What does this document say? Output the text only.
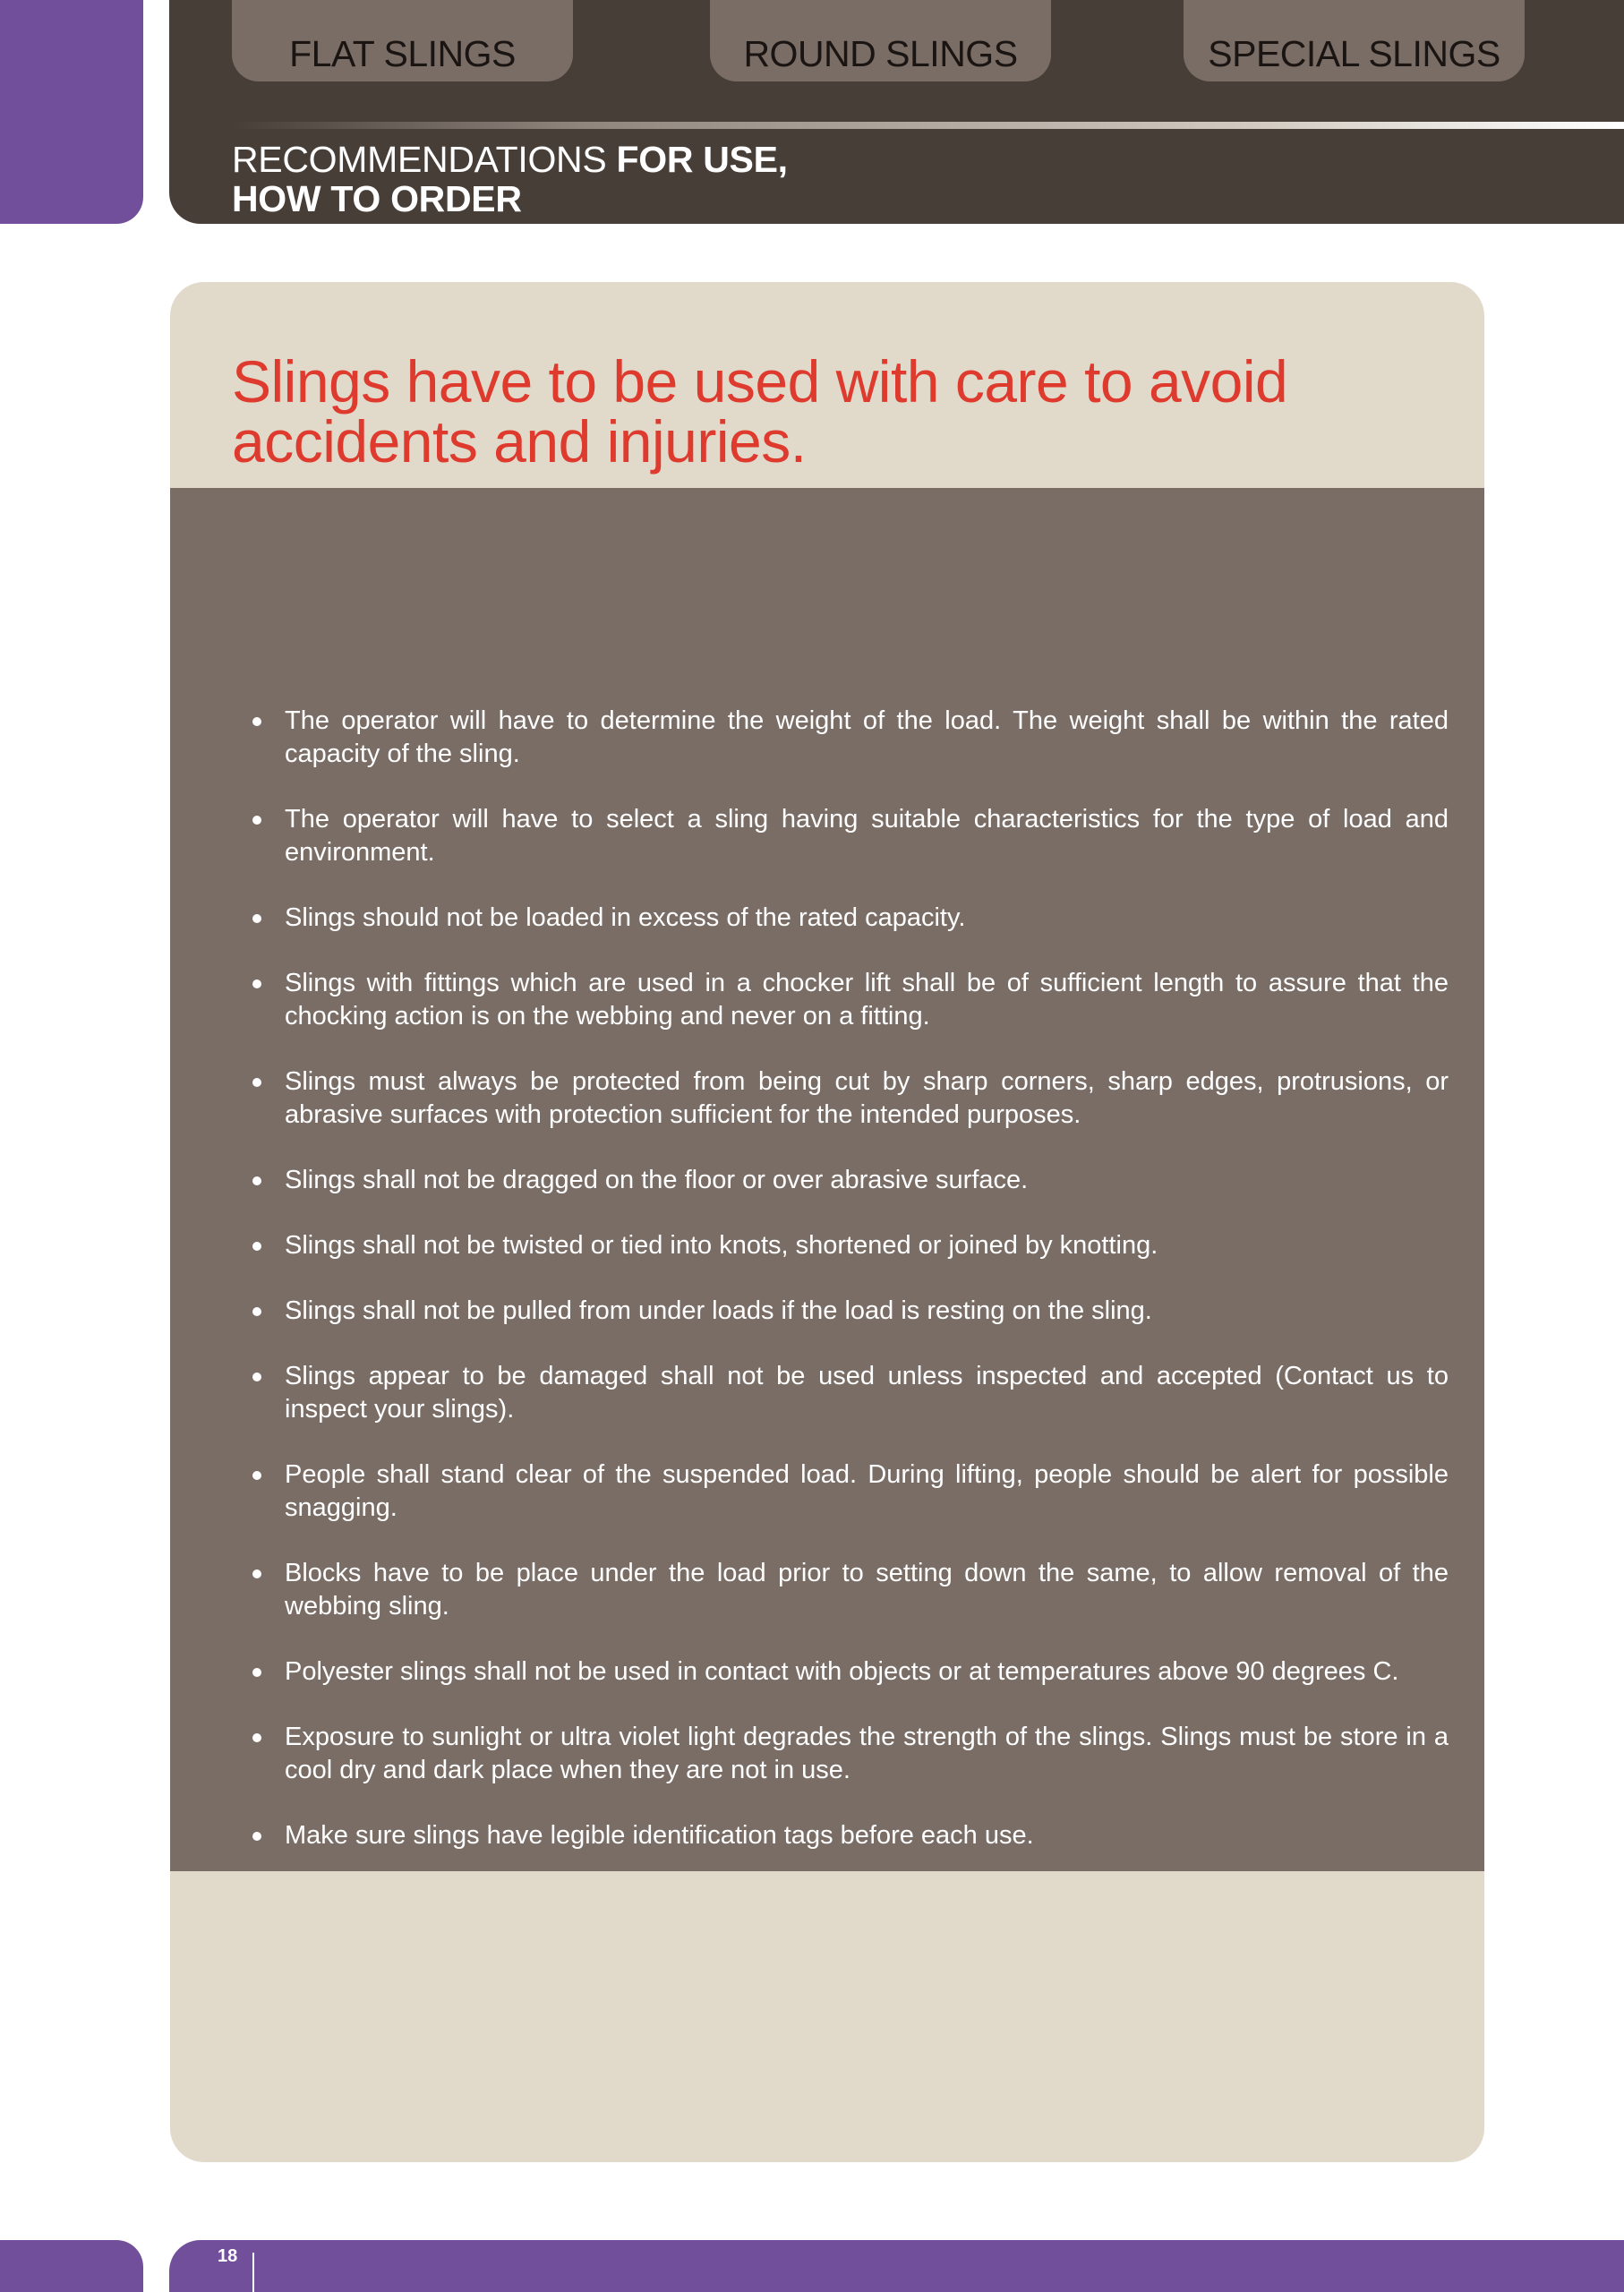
FLAT SLINGS	ROUND SLINGS	SPECIAL SLINGS
RECOMMENDATIONS FOR USE,
HOW TO ORDER
Slings have to be used with care to avoid
accidents and injuries.
The operator will have to determine the weight of the load. The weight shall be within the rated capacity of the sling.
The operator will have to select a sling having suitable characteristics for the type of load and environment.
Slings should not be loaded in excess of the rated capacity.
Slings with fittings which are used in a chocker lift shall be of sufficient length to assure that the chocking action is on the webbing and never on a fitting.
Slings must always be protected from being cut by sharp corners, sharp edges, protrusions, or abrasive surfaces with protection sufficient for the intended purposes.
Slings shall not be dragged on the floor or over abrasive surface.
Slings shall not be twisted or tied into knots, shortened or joined by knotting.
Slings shall not be pulled from under loads if the load is resting on the sling.
Slings appear to be damaged shall not be used unless inspected and accepted (Contact us to inspect your slings).
People shall stand clear of the suspended load. During lifting, people should be alert for possible snagging.
Blocks have to be place under the load prior to setting down the same, to allow removal of the webbing sling.
Polyester slings shall not be used in contact with objects or at temperatures above 90 degrees C.
Exposure to sunlight or ultra violet light degrades the strength of the slings. Slings must be store in a cool dry and dark place when they are not in use.
Make sure slings have legible identification tags before each use.
18
